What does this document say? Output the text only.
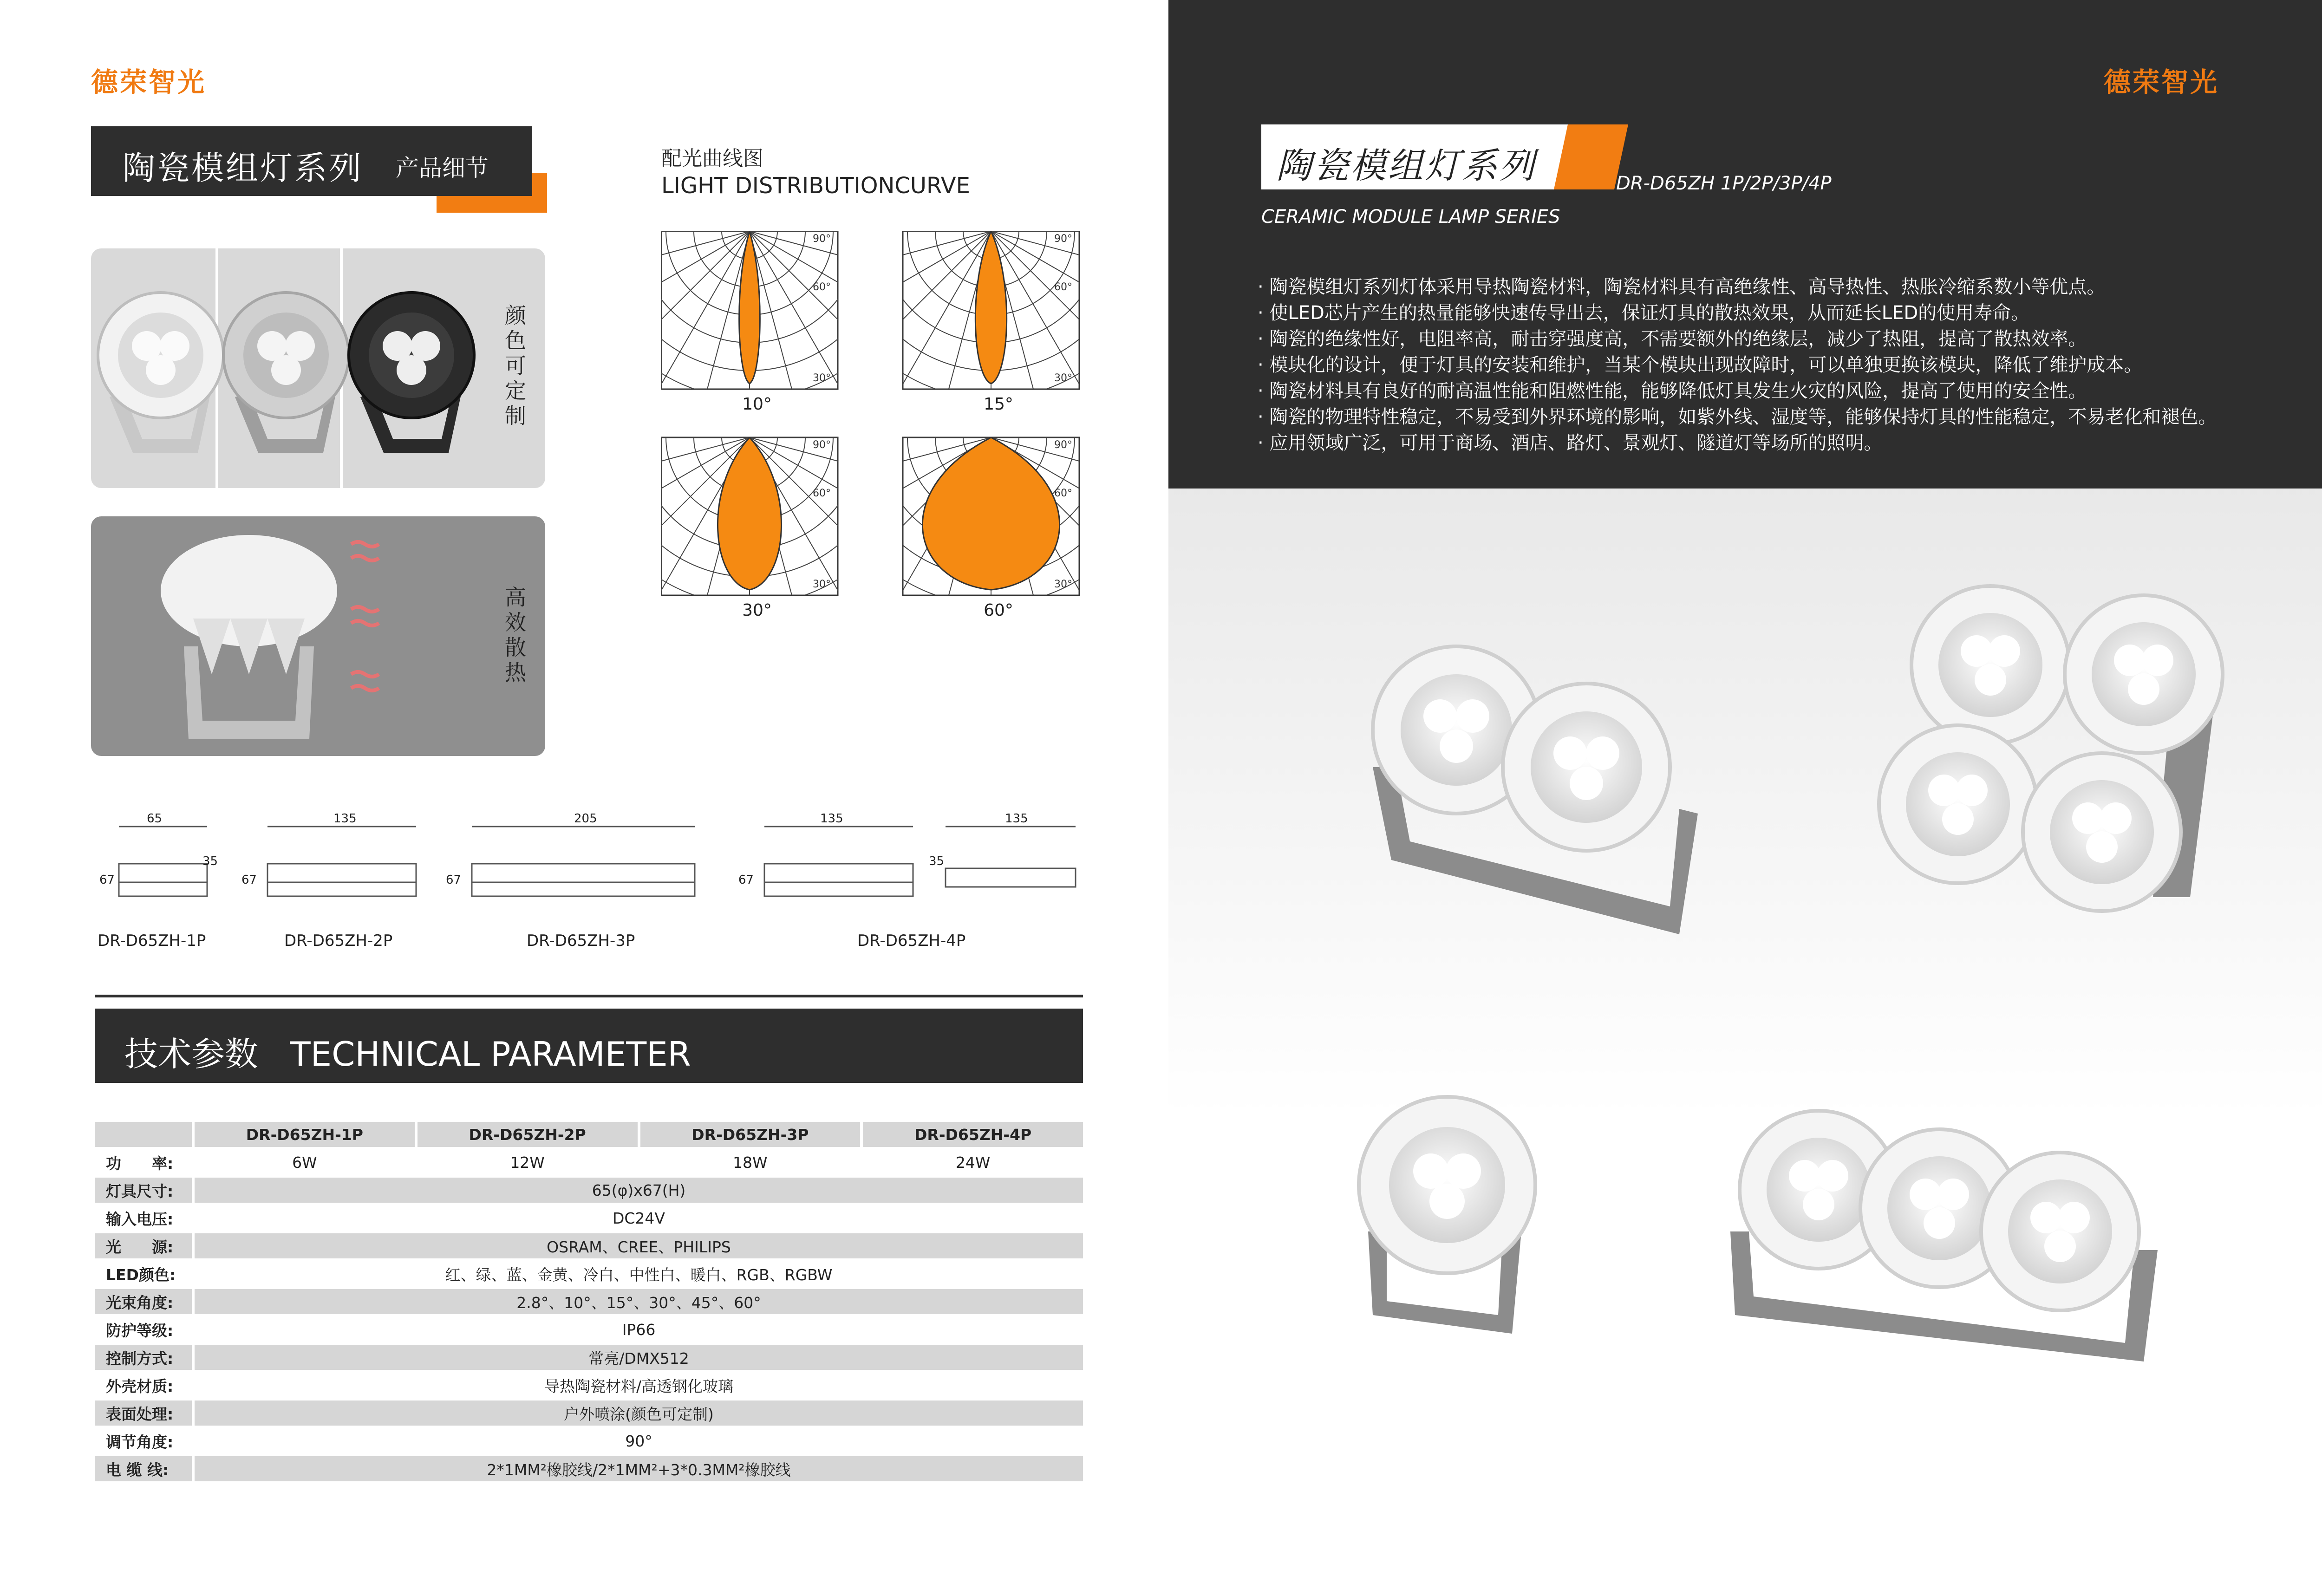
德荣智光
陶瓷模组灯系列 产品细节
颜色可定制
高效散热
配光曲线图
LIGHT DISTRIBUTIONCURVE
10°	15°
30°	60°
90°
60°
30°
90°
60°
30°
90°
60°
30°
90°
60°
30°
65	135	205	135	135
67
35
67	67	67
35
DR-D65ZH-1P	DR-D65ZH-2P	DR-D65ZH-3P	DR-D65ZH-4P
技术参数   TECHNICAL PARAMETER
	DR-D65ZH-1P	DR-D65ZH-2P	DR-D65ZH-3P	DR-D65ZH-4P
功　　率:	6W	12W	18W	24W
灯具尺寸:	65(φ)x67(H)			
输入电压:	DC24V			
光　　源:	OSRAM、CREE、PHILIPS			
LED颜色:	红、绿、蓝、金黄、冷白、中性白、暖白、RGB、RGBW			
光束角度:	2.8°、10°、15°、30°、45°、60°			
防护等级:	IP66			
控制方式:	常亮/DMX512			
外壳材质:	导热陶瓷材料/高透钢化玻璃			
表面处理:	户外喷涂(颜色可定制)			
调节角度:	90°			
电 缆 线:	2*1MM²橡胶线/2*1MM²+3*0.3MM²橡胶线			
德荣智光
陶瓷模组灯系列	DR-D65ZH 1P/2P/3P/4P
CERAMIC MODULE LAMP SERIES
· 陶瓷模组灯系列灯体采用导热陶瓷材料，陶瓷材料具有高绝缘性、高导热性、热胀冷缩系数小等优点。
· 使LED芯片产生的热量能够快速传导出去，保证灯具的散热效果，从而延长LED的使用寿命。
· 陶瓷的绝缘性好，电阻率高，耐击穿强度高，不需要额外的绝缘层，减少了热阻，提高了散热效率。
· 模块化的设计，便于灯具的安装和维护，当某个模块出现故障时，可以单独更换该模块，降低了维护成本。
· 陶瓷材料具有良好的耐高温性能和阻燃性能，能够降低灯具发生火灾的风险，提高了使用的安全性。
· 陶瓷的物理特性稳定，不易受到外界环境的影响，如紫外线、湿度等，能够保持灯具的性能稳定，不易老化和褪色。
· 应用领域广泛，可用于商场、酒店、路灯、景观灯、隧道灯等场所的照明。
